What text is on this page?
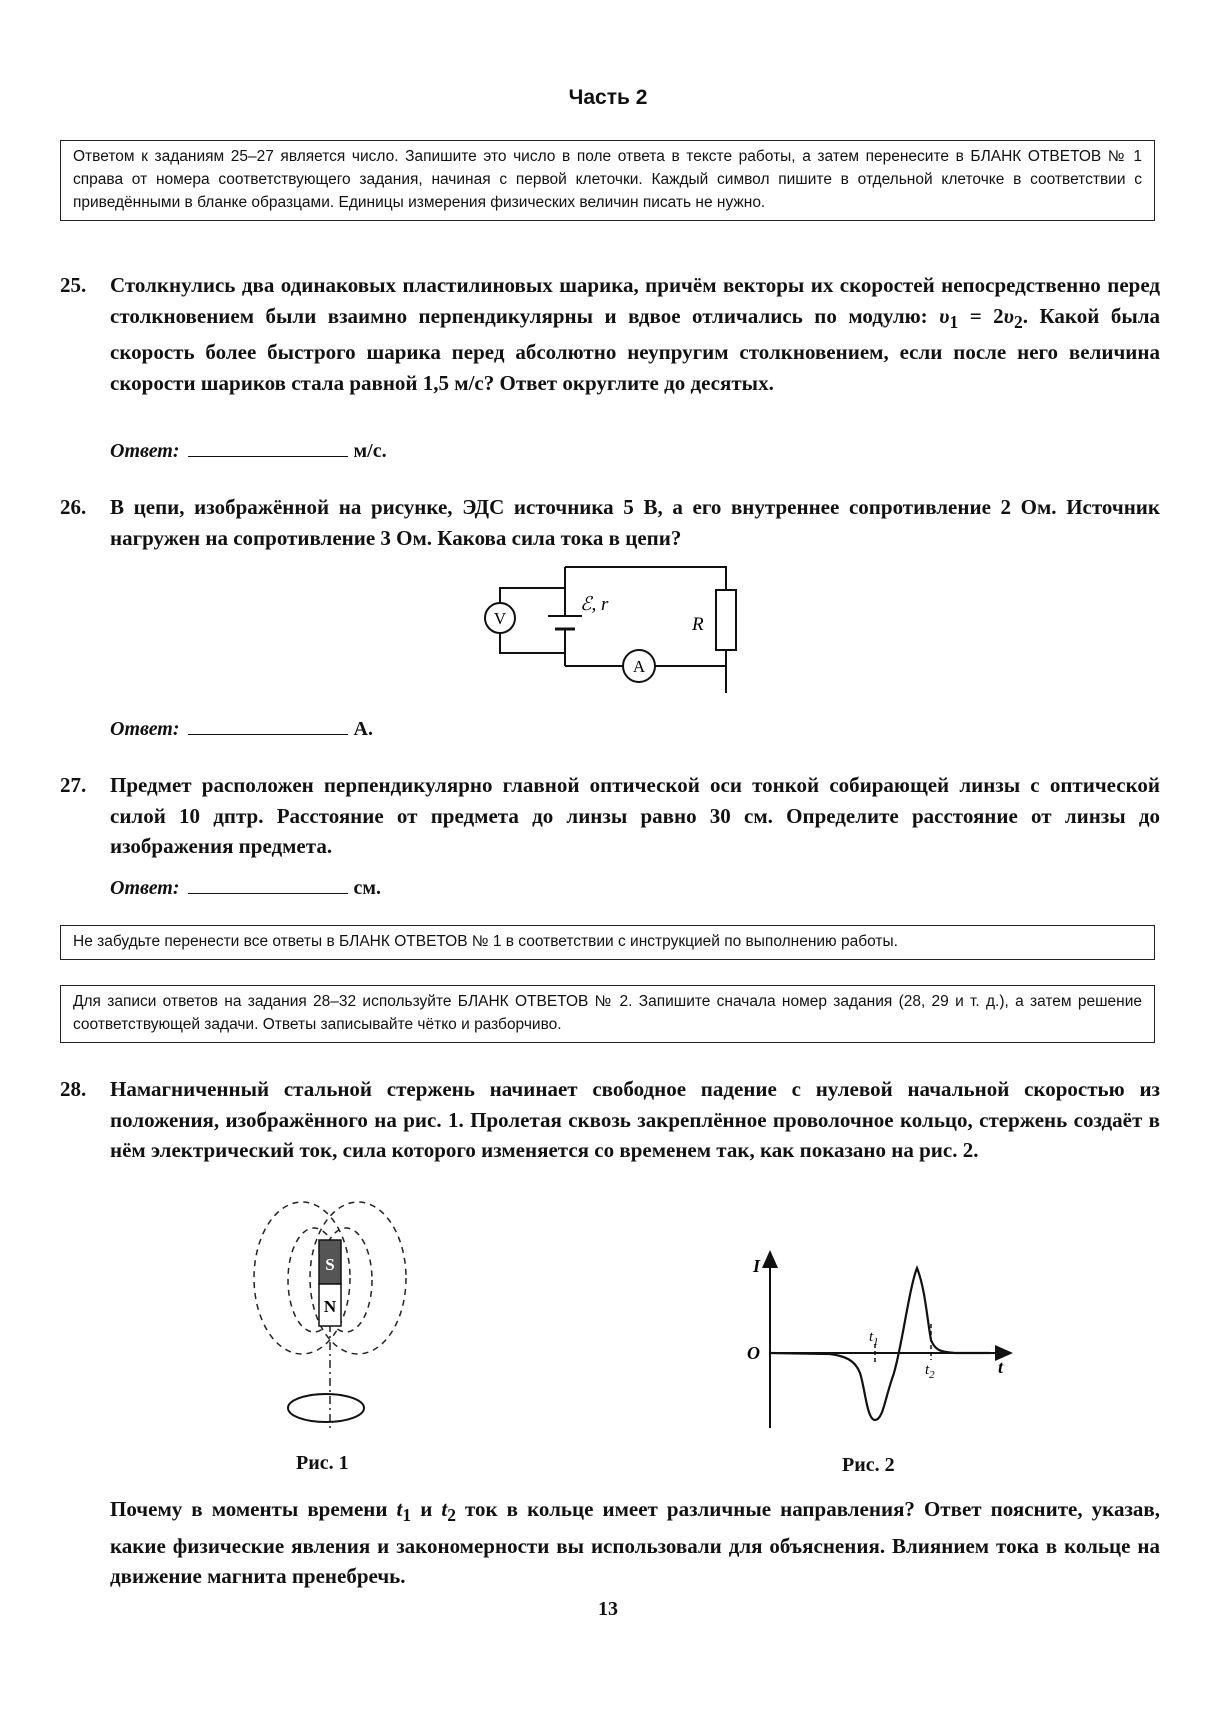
Часть 2

Ответом к заданиям 25–27 является число. Запишите это число в поле ответа в тексте работы, а затем перенесите в БЛАНК ОТВЕТОВ № 1 справа от номера соответствующего задания, начиная с первой клеточки. Каждый символ пишите в отдельной клеточке в соответствии с приведёнными в бланке образцами. Единицы измерения физических величин писать не нужно.

25. Столкнулись два одинаковых пластилиновых шарика, причём векторы их скоростей непосредственно перед столкновением были взаимно перпендикулярны и вдвое отличались по модулю: $\upsilon_1 = 2\upsilon_2$. Какой была скорость более быстрого шарика перед абсолютно неупругим столкновением, если после него величина скорости шариков стала равной 1,5 м/с? Ответ округлите до десятых.
Ответ:	м/с.
26. В цепи, изображённой на рисунке, ЭДС источника 5 В, а его внутреннее сопротивление 2 Ом. Источник нагружен на сопротивление 3 Ом. Какова сила тока в цепи?
V
A
ℰ, r
R
Ответ:	А.
27. Предмет расположен перпендикулярно главной оптической оси тонкой собирающей линзы с оптической силой 10 дптр. Расстояние от предмета до линзы равно 30 см. Определите расстояние от линзы до изображения предмета.
Ответ:	см.

Не забудьте перенести все ответы в БЛАНК ОТВЕТОВ № 1 в соответствии с инструкцией по выполнению работы.

Для записи ответов на задания 28–32 используйте БЛАНК ОТВЕТОВ № 2. Запишите сначала номер задания (28, 29 и т. д.), а затем решение соответствующей задачи. Ответы записывайте чётко и разборчиво.

28. Намагниченный стальной стержень начинает свободное падение с нулевой начальной скоростью из положения, изображённого на рис. 1. Пролетая сквозь закреплённое проволочное кольцо, стержень создаёт в нём электрический ток, сила которого изменяется со временем так, как показано на рис. 2.
S
N
Рис. 1
I
t
O
$t_1$
$t_2$
Рис. 2
Почему в моменты времени $t_1$ и $t_2$ ток в кольце имеет различные направления? Ответ поясните, указав, какие физические явления и закономерности вы использовали для объяснения. Влиянием тока в кольце на движение магнита пренебречь.
13
